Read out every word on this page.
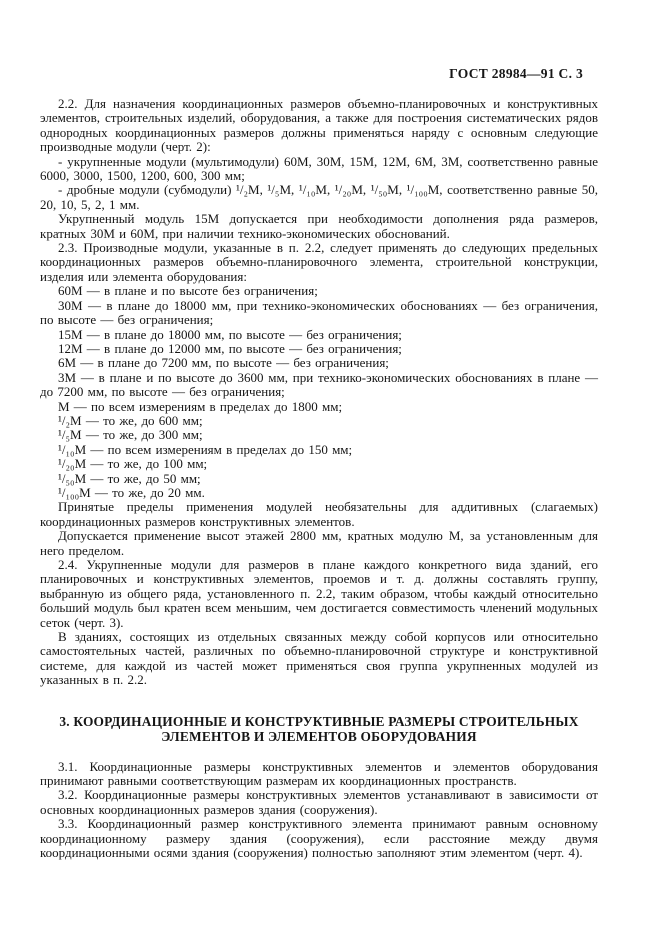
ГОСТ 28984—91 С. 3

2.2. Для назначения координационных размеров объемно-планировочных и конструктивных элементов, строительных изделий, оборудования, а также для построения систематических рядов однородных координационных размеров должны применяться наряду с основным следующие производные модули (черт. 2):

- укрупненные модули (мультимодули) 60М, 30М, 15М, 12М, 6М, 3М, соответственно равные 6000, 3000, 1500, 1200, 600, 300 мм;

- дробные модули (субмодули) ¹/₂М, ¹/₅М, ¹/₁₀М, ¹/₂₀М, ¹/₅₀М, ¹/₁₀₀М, соответственно равные 50, 20, 10, 5, 2, 1 мм.

Укрупненный модуль 15М допускается при необходимости дополнения ряда размеров, кратных 30М и 60М, при наличии технико-экономических обоснований.

2.3. Производные модули, указанные в п. 2.2, следует применять до следующих предельных координационных размеров объемно-планировочного элемента, строительной конструкции, изделия или элемента оборудования:

60М — в плане и по высоте без ограничения;

30М — в плане до 18000 мм, при технико-экономических обоснованиях — без ограничения, по высоте — без ограничения;

15М — в плане до 18000 мм, по высоте — без ограничения;

12М — в плане до 12000 мм, по высоте — без ограничения;

6М — в плане до 7200 мм, по высоте — без ограничения;

3М — в плане и по высоте до 3600 мм, при технико-экономических обоснованиях в плане — до 7200 мм, по высоте — без ограничения;

М — по всем измерениям в пределах до 1800 мм;

¹/₂М — то же, до 600 мм;

¹/₅М — то же, до 300 мм;

¹/₁₀М — по всем измерениям в пределах до 150 мм;

¹/₂₀М — то же, до 100 мм;

¹/₅₀М — то же, до 50 мм;

¹/₁₀₀М — то же, до 20 мм.

Принятые пределы применения модулей необязательны для аддитивных (слагаемых) координационных размеров конструктивных элементов.

Допускается применение высот этажей 2800 мм, кратных модулю М, за установленным для него пределом.

2.4. Укрупненные модули для размеров в плане каждого конкретного вида зданий, его планировочных и конструктивных элементов, проемов и т. д. должны составлять группу, выбранную из общего ряда, установленного п. 2.2, таким образом, чтобы каждый относительно больший модуль был кратен всем меньшим, чем достигается совместимость членений модульных сеток (черт. 3).

В зданиях, состоящих из отдельных связанных между собой корпусов или относительно самостоятельных частей, различных по объемно-планировочной структуре и конструктивной системе, для каждой из частей может применяться своя группа укрупненных модулей из указанных в п. 2.2.

3. КООРДИНАЦИОННЫЕ И КОНСТРУКТИВНЫЕ РАЗМЕРЫ СТРОИТЕЛЬНЫХ
ЭЛЕМЕНТОВ И ЭЛЕМЕНТОВ ОБОРУДОВАНИЯ

3.1. Координационные размеры конструктивных элементов и элементов оборудования принимают равными соответствующим размерам их координационных пространств.

3.2. Координационные размеры конструктивных элементов устанавливают в зависимости от основных координационных размеров здания (сооружения).

3.3. Координационный размер конструктивного элемента принимают равным основному координационному размеру здания (сооружения), если расстояние между двумя координационными осями здания (сооружения) полностью заполняют этим элементом (черт. 4).
